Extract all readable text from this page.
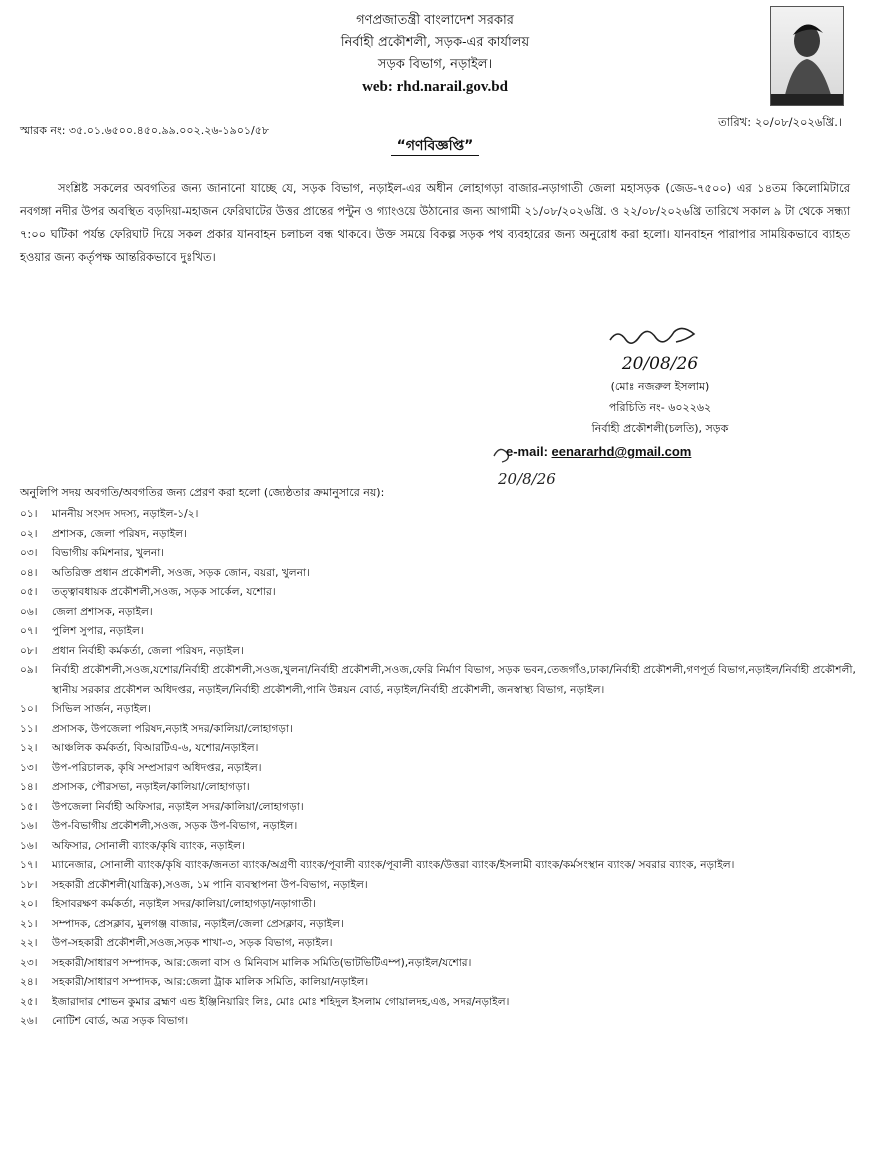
গণপ্রজাতন্ত্রী বাংলাদেশ সরকার
নির্বাহী প্রকৌশলী, সড়ক-এর কার্যালয়
সড়ক বিভাগ, নড়াইল।
web: rhd.narail.gov.bd
তারিখ: ২০/০৮/২০২৬খ্রি.।
স্মারক নং: ৩৫.০১.৬৫০০.৪৫০.৯৯.০০২.২৬-১৯০১/৫৮
“গণবিজ্ঞপ্তি”
সংশ্লিষ্ট সকলের অবগতির জন্য জানানো যাচ্ছে যে, সড়ক বিভাগ, নড়াইল-এর অধীন লোহাগড়া বাজার-নড়াগাতী জেলা মহাসড়ক (জেড-৭৫০০) এর ১৪তম কিলোমিটারে নবগঙ্গা নদীর উপর অবস্থিত বড়দিয়া-মহাজন ফেরিঘাটের উত্তর প্রান্তের পন্টুন ও গ্যাংওয়ে উঠানোর জন্য আগামী ২১/০৮/২০২৬খ্রি. ও ২২/০৮/২০২৬খ্রি তারিখে সকাল ৯ টা থেকে সন্ধ্যা ৭:০০ ঘটিকা পর্যন্ত ফেরিঘাট দিয়ে সকল প্রকার যানবাহন চলাচল বন্ধ থাকবে। উক্ত সময়ে বিকল্প সড়ক পথ ব্যবহারের জন্য অনুরোধ করা হলো। যানবাহন পারাপার সাময়িকভাবে ব্যাহত হওয়ার জন্য কর্তৃপক্ষ আন্তরিকভাবে দুঃখিত।
20/08/26
(মোঃ নজরুল ইসলাম)
পরিচিতি নং- ৬০২২৬২
নির্বাহী প্রকৌশলী(চলতি), সড়ক
20/8/26
e-mail: eenararhd@gmail.com
অনুলিপি সদয় অবগতি/অবগতির জন্য প্রেরণ করা হলো (জ্যেষ্ঠতার ক্রমানুসারে নয়):
০১।	মাননীয় সংসদ সদস্য, নড়াইল-১/২।
০২।	প্রশাসক, জেলা পরিষদ, নড়াইল।
০৩।	বিভাগীয় কমিশনার, খুলনা।
০৪।	অতিরিক্ত প্রধান প্রকৌশলী, সওজ, সড়ক জোন, বয়রা, খুলনা।
০৫।	তত্ত্বাবধায়ক প্রকৌশলী,সওজ, সড়ক সার্কেল, যশোর।
০৬।	জেলা প্রশাসক, নড়াইল।
০৭।	পুলিশ সুপার, নড়াইল।
০৮।	প্রধান নির্বাহী কর্মকর্তা, জেলা পরিষদ, নড়াইল।
০৯।	নির্বাহী প্রকৌশলী,সওজ,যশোর/নির্বাহী প্রকৌশলী,সওজ,খুলনা/নির্বাহী প্রকৌশলী,সওজ,ফেরি নির্মাণ বিভাগ, সড়ক ভবন,তেজগাঁও,ঢাকা/নির্বাহী প্রকৌশলী,গণপূর্ত বিভাগ,নড়াইল/নির্বাহী প্রকৌশলী, স্থানীয় সরকার প্রকৌশল অধিদপ্তর, নড়াইল/নির্বাহী প্রকৌশলী,পানি উন্নয়ন বোর্ড, নড়াইল/নির্বাহী প্রকৌশলী, জনস্বাস্থ্য বিভাগ, নড়াইল।
১০।	সিভিল সার্জন, নড়াইল।
১১।	প্রসাসক, উপজেলা পরিষদ,নড়াই সদর/কালিয়া/লোহাগড়া।
১২।	আঞ্চলিক কর্মকর্তা, বিআরটিএ-৬, যশোর/নড়াইল।
১৩।	উপ-পরিচালক, কৃষি সম্প্রসারণ অধিদপ্তর, নড়াইল।
১৪।	প্রসাসক, পৌরসভা, নড়াইল/কালিয়া/লোহাগড়া।
১৫।	উপজেলা নির্বাহী অফিসার, নড়াইল সদর/কালিয়া/লোহাগড়া।
১৬।	উপ-বিভাগীয় প্রকৌশলী,সওজ, সড়ক উপ-বিভাগ, নড়াইল।
১৬।	অফিসার, সোনালী ব্যাংক/কৃষি ব্যাংক, নড়াইল।
১৭।	ম্যানেজার, সোনালী ব্যাংক/কৃষি ব্যাংক/জনতা ব্যাংক/অগ্রণী ব্যাংক/পূবালী ব্যাংক/পূবালী ব্যাংক/উত্তরা ব্যাংক/ইসলামী ব্যাংক/কর্মসংস্থান ব্যাংক/ সবরার ব্যাংক, নড়াইল।
১৮।	সহকারী প্রকৌশলী(যান্ত্রিক),সওজ, ১ম পানি ব্যবস্থাপনা উপ-বিভাগ, নড়াইল।
২০।	হিসাবরক্ষণ কর্মকর্তা, নড়াইল সদর/কালিয়া/লোহাগড়া/নড়াগাতী।
২১।	সম্পাদক, প্রেসক্লাব, মুলগঞ্জ বাজার, নড়াইল/জেলা প্রেসক্লাব, নড়াইল।
২২।	উপ-সহকারী প্রকৌশলী,সওজ,সড়ক শাখা-৩, সড়ক বিভাগ, নড়াইল।
২৩।	সহকারী/সাধারণ সম্পাদক, আর:জেলা বাস ও মিনিবাস মালিক সমিতি(ভাটভিটিএম্প),নড়াইল/যশোর।
২৪।	সহকারী/সাধারণ সম্পাদক, আর:জেলা ট্রাক মালিক সমিতি, কালিয়া/নড়াইল।
২৫।	ইজারাদার শোভন কুমার ব্রহ্মণ এন্ড ইঞ্জিনিয়ারিং লিঃ, মোঃ মোঃ শহিদুল ইসলাম গোয়ালদহ,এঙ, সদর/নড়াইল।
২৬।	নোটিশ বোর্ড, অত্র সড়ক বিভাগ।
